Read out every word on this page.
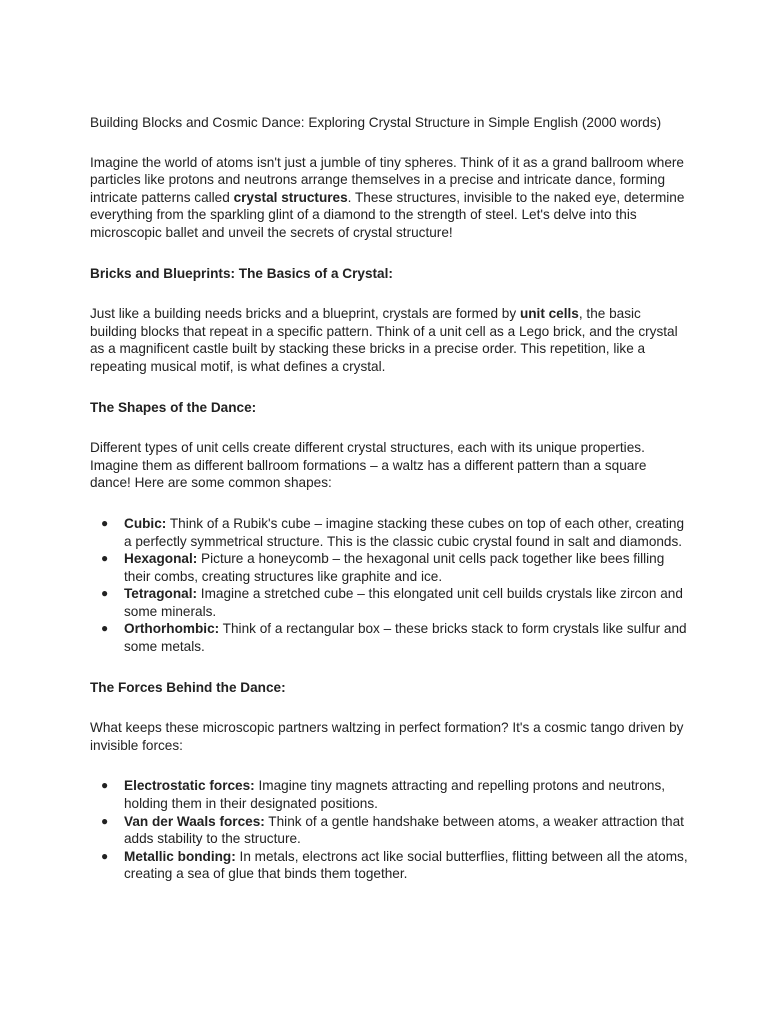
Building Blocks and Cosmic Dance: Exploring Crystal Structure in Simple English (2000 words)

Imagine the world of atoms isn't just a jumble of tiny spheres. Think of it as a grand ballroom where particles like protons and neutrons arrange themselves in a precise and intricate dance, forming intricate patterns called crystal structures. These structures, invisible to the naked eye, determine everything from the sparkling glint of a diamond to the strength of steel. Let's delve into this microscopic ballet and unveil the secrets of crystal structure!

Bricks and Blueprints: The Basics of a Crystal:

Just like a building needs bricks and a blueprint, crystals are formed by unit cells, the basic building blocks that repeat in a specific pattern. Think of a unit cell as a Lego brick, and the crystal as a magnificent castle built by stacking these bricks in a precise order. This repetition, like a repeating musical motif, is what defines a crystal.

The Shapes of the Dance:

Different types of unit cells create different crystal structures, each with its unique properties. Imagine them as different ballroom formations – a waltz has a different pattern than a square dance! Here are some common shapes:

● Cubic: Think of a Rubik's cube – imagine stacking these cubes on top of each other, creating a perfectly symmetrical structure. This is the classic cubic crystal found in salt and diamonds.
● Hexagonal: Picture a honeycomb – the hexagonal unit cells pack together like bees filling their combs, creating structures like graphite and ice.
● Tetragonal: Imagine a stretched cube – this elongated unit cell builds crystals like zircon and some minerals.
● Orthorhombic: Think of a rectangular box – these bricks stack to form crystals like sulfur and some metals.

The Forces Behind the Dance:

What keeps these microscopic partners waltzing in perfect formation? It's a cosmic tango driven by invisible forces:

● Electrostatic forces: Imagine tiny magnets attracting and repelling protons and neutrons, holding them in their designated positions.
● Van der Waals forces: Think of a gentle handshake between atoms, a weaker attraction that adds stability to the structure.
● Metallic bonding: In metals, electrons act like social butterflies, flitting between all the atoms, creating a sea of glue that binds them together.
